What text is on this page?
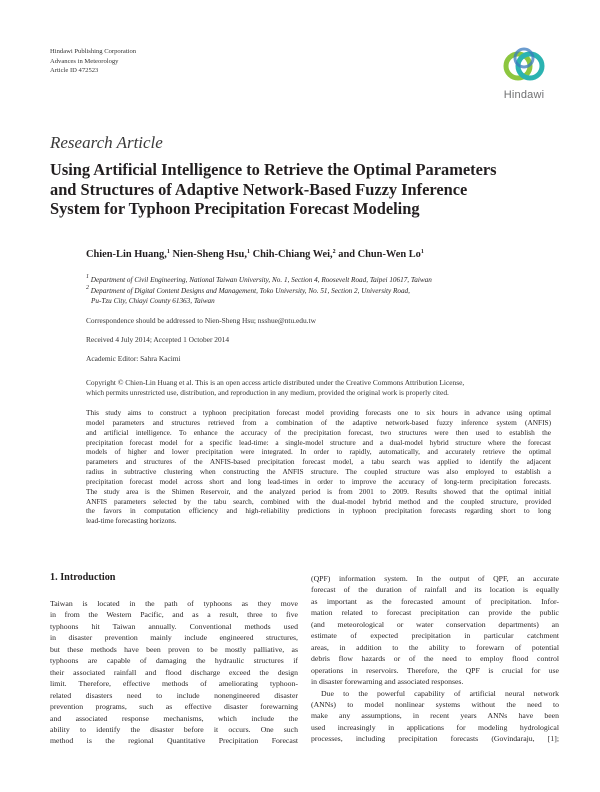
Hindawi Publishing Corporation
Advances in Meteorology
Article ID 472523
Hindawi
Research Article
Using Artificial Intelligence to Retrieve the Optimal Parameters
and Structures of Adaptive Network-Based Fuzzy Inference
System for Typhoon Precipitation Forecast Modeling
Chien-Lin Huang,$^1$ Nien-Sheng Hsu,$^1$ Chih-Chiang Wei,$^2$ and Chun-Wen Lo$^1$
$^1$ Department of Civil Engineering, National Taiwan University, No. 1, Section 4, Roosevelt Road, Taipei 10617, Taiwan
$^2$ Department of Digital Content Designs and Management, Toko University, No. 51, Section 2, University Road,
Pu-Tzu City, Chiayi County 61363, Taiwan
Correspondence should be addressed to Nien-Sheng Hsu; nsshue@ntu.edu.tw
Received 4 July 2014; Accepted 1 October 2014
Academic Editor: Sahra Kacimi
Copyright © Chien-Lin Huang et al. This is an open access article distributed under the Creative Commons Attribution License,
which permits unrestricted use, distribution, and reproduction in any medium, provided the original work is properly cited.
This study aims to construct a typhoon precipitation forecast model providing forecasts one to six hours in advance using optimal
model parameters and structures retrieved from a combination of the adaptive network-based fuzzy inference system (ANFIS)
and artificial intelligence. To enhance the accuracy of the precipitation forecast, two structures were then used to establish the
precipitation forecast model for a specific lead-time: a single-model structure and a dual-model hybrid structure where the forecast
models of higher and lower precipitation were integrated. In order to rapidly, automatically, and accurately retrieve the optimal
parameters and structures of the ANFIS-based precipitation forecast model, a tabu search was applied to identify the adjacent
radius in subtractive clustering when constructing the ANFIS structure. The coupled structure was also employed to establish a
precipitation forecast model across short and long lead-times in order to improve the accuracy of long-term precipitation forecasts.
The study area is the Shimen Reservoir, and the analyzed period is from 2001 to 2009. Results showed that the optimal initial
ANFIS parameters selected by the tabu search, combined with the dual-model hybrid method and the coupled structure, provided
the favors in computation efficiency and high-reliability predictions in typhoon precipitation forecasts regarding short to long
lead-time forecasting horizons.
1. Introduction
Taiwan is located in the path of typhoons as they move
in from the Western Pacific, and as a result, three to five
typhoons hit Taiwan annually. Conventional methods used
in disaster prevention mainly include engineered structures,
but these methods have been proven to be mostly palliative, as
typhoons are capable of damaging the hydraulic structures if
their associated rainfall and flood discharge exceed the design
limit. Therefore, effective methods of ameliorating typhoon-
related disasters need to include nonengineered disaster
prevention programs, such as effective disaster forewarning
and associated response mechanisms, which include the
ability to identify the disaster before it occurs. One such
method is the regional Quantitative Precipitation Forecast
(QPF) information system. In the output of QPF, an accurate
forecast of the duration of rainfall and its location is equally
as important as the forecasted amount of precipitation. Infor-
mation related to forecast precipitation can provide the public
(and meteorological or water conservation departments) an
estimate of expected precipitation in particular catchment
areas, in addition to the ability to forewarn of potential
debris flow hazards or of the need to employ flood control
operations in reservoirs. Therefore, the QPF is crucial for use
in disaster forewarning and associated responses.
Due to the powerful capability of artificial neural network
(ANNs) to model nonlinear systems without the need to
make any assumptions, in recent years ANNs have been
used increasingly in applications for modeling hydrological
processes, including precipitation forecasts (Govindaraju, [1];
